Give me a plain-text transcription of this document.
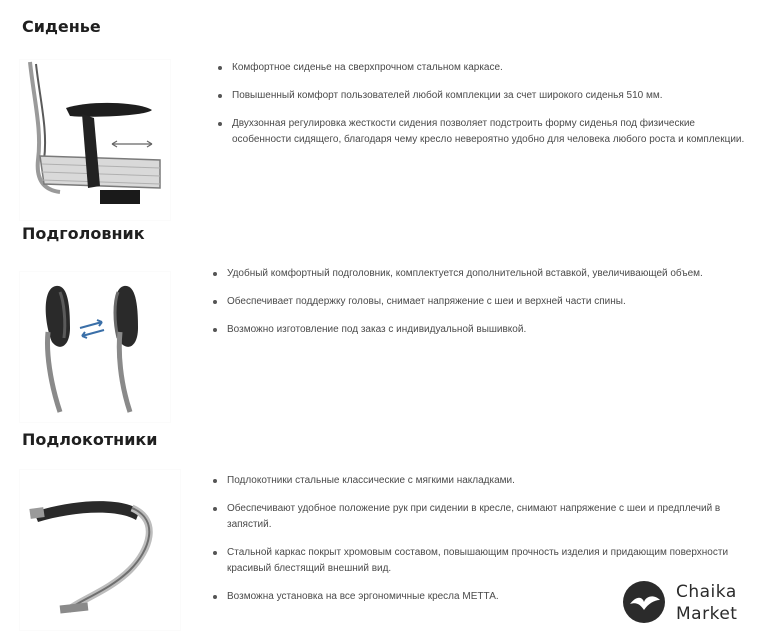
Сиденье
Комфортное сиденье на сверхпрочном стальном каркасе.
Повышенный комфорт пользователей любой комплекции за счет широкого сиденья 510 мм.
Двухзонная регулировка жесткости сидения позволяет подстроить форму сиденья под физические особенности сидящего, благодаря чему кресло невероятно удобно для человека любого роста и комплекции.
Подголовник
Удобный комфортный подголовник, комплектуется дополнительной вставкой, увеличивающей объем.
Обеспечивает поддержку головы, снимает напряжение с шеи и верхней части спины.
Возможно изготовление под заказ с индивидуальной вышивкой.
Подлокотники
Подлокотники стальные классические с мягкими накладками.
Обеспечивают удобное положение рук при сидении в кресле, снимают напряжение с шеи и предплечий в запястий.
Стальной каркас покрыт хромовым составом, повышающим прочность изделия и придающим поверхности красивый блестящий внешний вид.
Возможна установка на все эргономичные кресла МЕТТА.	Chaika
Market
